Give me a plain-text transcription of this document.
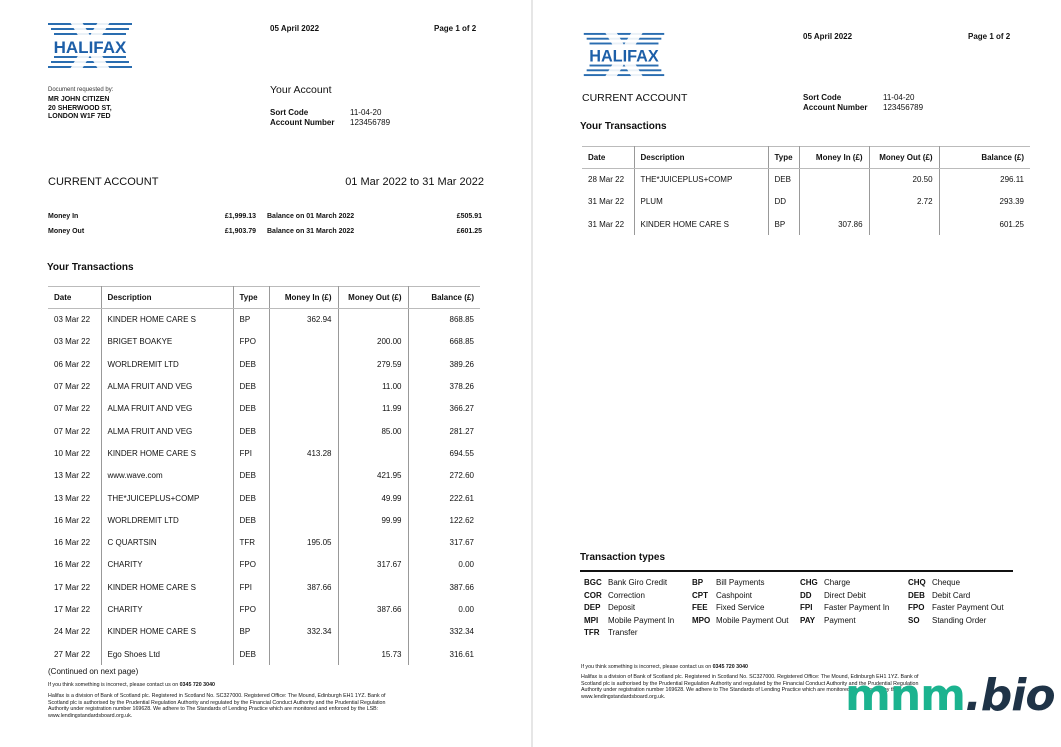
HALIFAX
05 April 2022	Page 1 of 2
Document requested by:
MR JOHN CITIZEN
20 SHERWOOD ST,
LONDON W1F 7ED
Your Account
Sort Code	11-04-20
Account Number 123456789
CURRENT ACCOUNT	01 Mar 2022 to 31 Mar 2022
Money In	£1,999.13
Money Out	£1,903.79
Balance on 01 March 2022	£505.91
Balance on 31 March 2022	£601.25
Your Transactions
Date	Description	Type	Money In (£)	Money Out (£)	Balance (£)
03 Mar 22	KINDER HOME CARE S	BP	362.94		868.85
03 Mar 22	BRIGET BOAKYE	FPO		200.00	668.85
06 Mar 22	WORLDREMIT LTD	DEB		279.59	389.26
07 Mar 22	ALMA FRUIT AND VEG	DEB		11.00	378.26
07 Mar 22	ALMA FRUIT AND VEG	DEB		11.99	366.27
07 Mar 22	ALMA FRUIT AND VEG	DEB		85.00	281.27
10 Mar 22	KINDER HOME CARE S	FPI	413.28		694.55
13 Mar 22	www.wave.com	DEB		421.95	272.60
13 Mar 22	THE*JUICEPLUS+COMP	DEB		49.99	222.61
16 Mar 22	WORLDREMIT LTD	DEB		99.99	122.62
16 Mar 22	C QUARTSIN	TFR	195.05		317.67
16 Mar 22	CHARITY	FPO		317.67	0.00
17 Mar 22	KINDER HOME CARE S	FPI	387.66		387.66
17 Mar 22	CHARITY	FPO		387.66	0.00
24 Mar 22	KINDER HOME CARE S	BP	332.34		332.34
27 Mar 22	Ego Shoes Ltd	DEB		15.73	316.61
(Continued on next page)
If you think something is incorrect, please contact us on 0345 720 3040
Halifax is a division of Bank of Scotland plc. Registered in Scotland No. SC327000. Registered Office: The Mound, Edinburgh EH1 1YZ. Bank of Scotland plc is authorised by the Prudential Regulation Authority and regulated by the Financial Conduct Authority and the Prudential Regulation Authority under registration number 169628. We adhere to The Standards of Lending Practice which are monitored and enforced by the LSB: www.lendingstandardsboard.org.uk.
HALIFAX
05 April 2022	Page 1 of 2
CURRENT ACCOUNT	Sort Code	11-04-20
Account Number 123456789
Your Transactions
Date	Description	Type	Money In (£)	Money Out (£)	Balance (£)
28 Mar 22	THE*JUICEPLUS+COMP	DEB		20.50	296.11
31 Mar 22	PLUM	DD		2.72	293.39
31 Mar 22	KINDER HOME CARE S	BP	307.86		601.25
Transaction types
BGC Bank Giro Credit	BP Bill Payments	CHG Charge	CHQ Cheque
COR Correction	CPT Cashpoint	DD Direct Debit	DEB Debit Card
DEP Deposit	FEE Fixed Service	FPI Faster Payment In	FPO Faster Payment Out
MPI Mobile Payment In	MPO Mobile Payment Out	PAY Payment	SO Standing Order
TFR Transfer
If you think something is incorrect, please contact us on 0345 720 3040
Halifax is a division of Bank of Scotland plc. Registered in Scotland No. SC327000. Registered Office: The Mound, Edinburgh EH1 1YZ. Bank of Scotland plc is authorised by the Prudential Regulation Authority and regulated by the Financial Conduct Authority and the Prudential Regulation Authority under registration number 169628. We adhere to The Standards of Lending Practice which are monitored and enforced by the LSB: www.lendingstandardsboard.org.uk.	mnm.bio
